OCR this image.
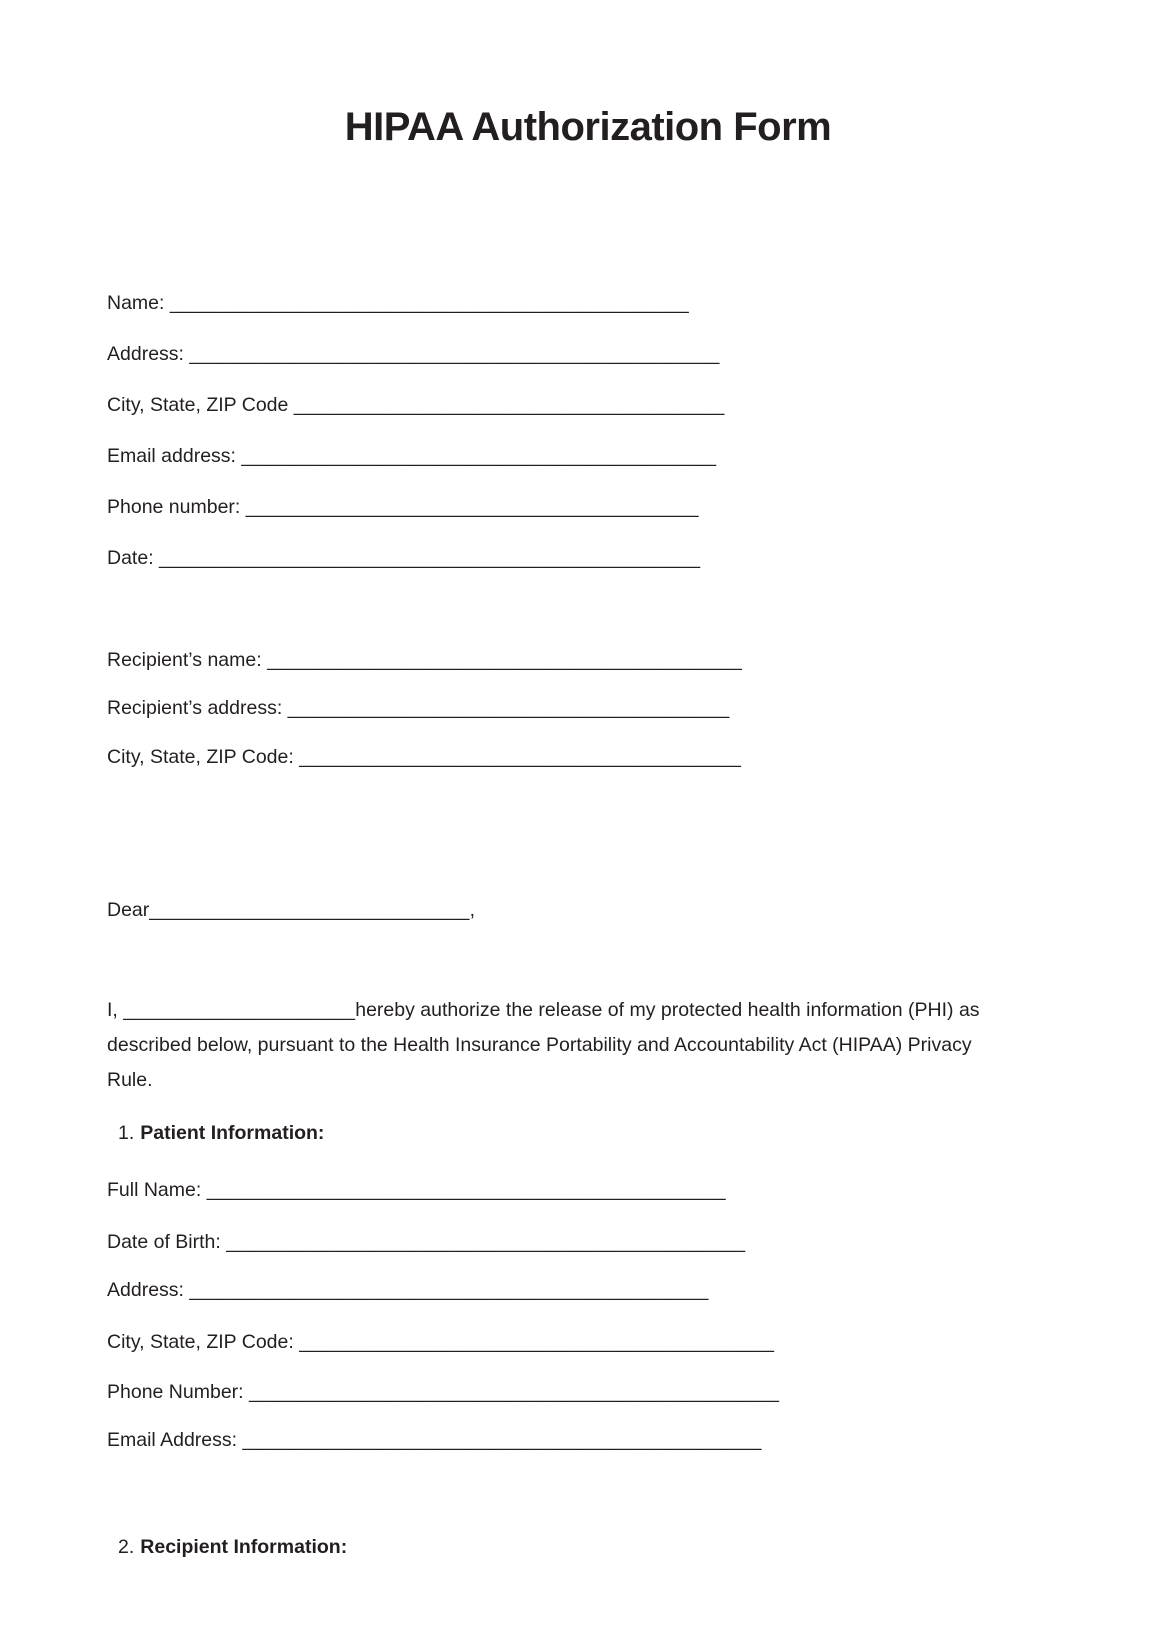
HIPAA Authorization Form

Name: _______________________________________________

Address: ________________________________________________

City, State, ZIP Code _______________________________________

Email address: ___________________________________________

Phone number: _________________________________________

Date: _________________________________________________

Recipient’s name: ___________________________________________

Recipient’s address: ________________________________________

City, State, ZIP Code: ________________________________________

Dear_____________________________,

I, _____________________hereby authorize the release of my protected health information (PHI) as described below, pursuant to the Health Insurance Portability and Accountability Act (HIPAA) Privacy Rule.

1. Patient Information:

Full Name: _______________________________________________

Date of Birth: _______________________________________________

Address: _______________________________________________

City, State, ZIP Code: ___________________________________________

Phone Number: ________________________________________________

Email Address: _______________________________________________

2. Recipient Information:
